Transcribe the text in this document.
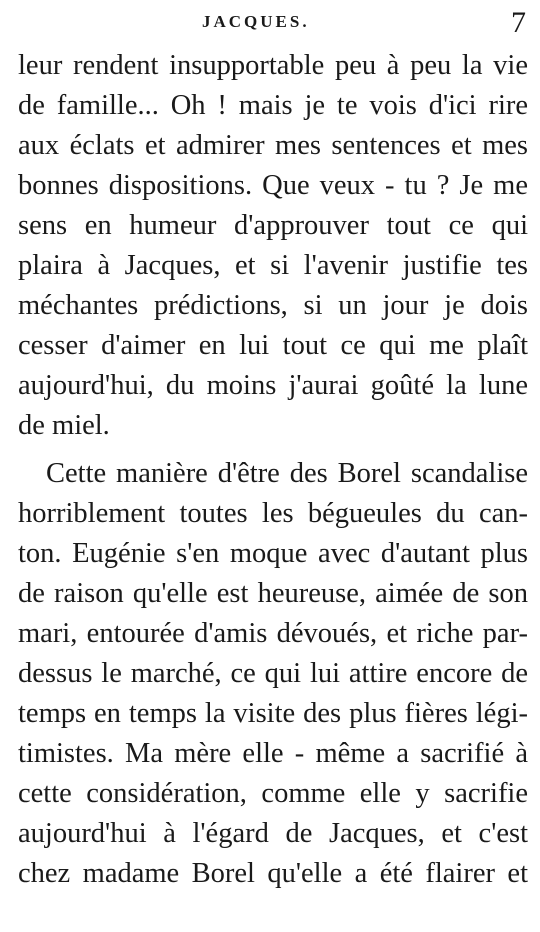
JACQUES.	7
leur rendent insupportable peu à peu la vie
de famille... Oh ! mais je te vois d'ici rire
aux éclats et admirer mes sentences et mes
bonnes dispositions. Que veux - tu ? Je me
sens en humeur d'approuver tout ce qui
plaira à Jacques, et si l'avenir justifie tes
méchantes prédictions, si un jour je dois
cesser d'aimer en lui tout ce qui me plaît
aujourd'hui, du moins j'aurai goûté la lune
de miel.
Cette manière d'être des Borel scandalise
horriblement toutes les bégueules du can-
ton. Eugénie s'en moque avec d'autant plus
de raison qu'elle est heureuse, aimée de son
mari, entourée d'amis dévoués, et riche par-
dessus le marché, ce qui lui attire encore de
temps en temps la visite des plus fières légi-
timistes. Ma mère elle - même a sacrifié à
cette considération, comme elle y sacrifie
aujourd'hui à l'égard de Jacques, et c'est
chez madame Borel qu'elle a été flairer et
